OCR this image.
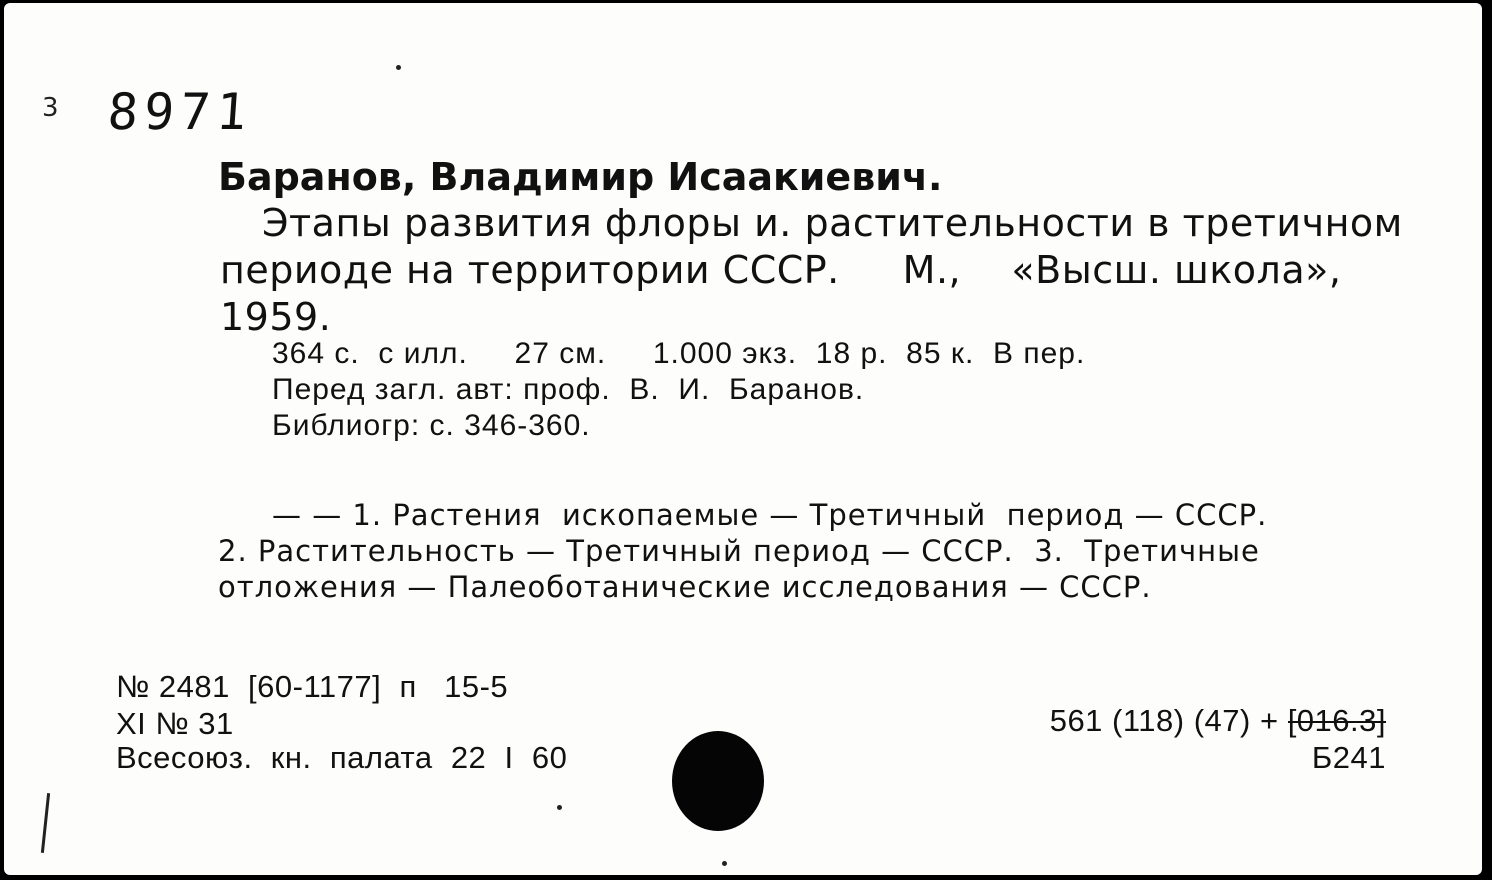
3 8971
Баранов, Владимир Исаакиевич.
Этапы развития флоры и. растительности в третичном
периоде на территории СССР.     М.,    «Высш. школа»,
1959.
364 с.  с илл.     27 см.     1.000 экз.  18 р.  85 к.  В пер.
Перед загл. авт: проф.  В.  И.  Баранов.
Библиогр: с. 346-360.
— — 1. Растения  ископаемые — Третичный  период — СССР.
2. Растительность — Третичный период — СССР.  3.  Третичные
отложения — Палеоботанические исследования — СССР.
№ 2481  [60-1177]  п   15-5
XI № 31
Всесоюз.  кн.  палата  22  I  60
561 (118) (47) + [016.3]
Б241
